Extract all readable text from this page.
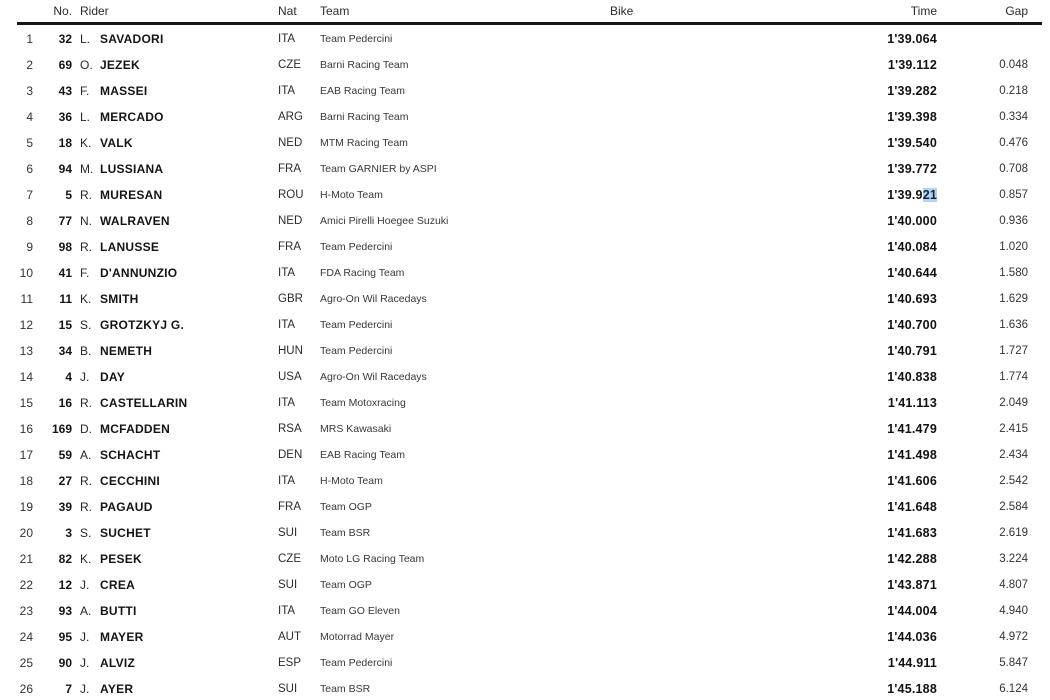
No. Rider	Nat	Team	Bike	Time	Gap
1	32 L. SAVADORI	ITA	Team Pedercini	1'39.064
2	69 O. JEZEK	CZE	Barni Racing Team	1'39.112	0.048
3	43 F. MASSEI	ITA	EAB Racing Team	1'39.282	0.218
4	36 L. MERCADO	ARG	Barni Racing Team	1'39.398	0.334
5	18 K. VALK	NED	MTM Racing Team	1'39.540	0.476
6	94 M. LUSSIANA	FRA	Team GARNIER by ASPI	1'39.772	0.708
7	5 R. MURESAN	ROU	H-Moto Team	1'39.921	0.857
8	77 N. WALRAVEN	NED	Amici Pirelli Hoegee Suzuki	1'40.000	0.936
9	98 R. LANUSSE	FRA	Team Pedercini	1'40.084	1.020
10	41 F. D'ANNUNZIO	ITA	FDA Racing Team	1'40.644	1.580
11	11 K. SMITH	GBR	Agro-On Wil Racedays	1'40.693	1.629
12	15 S. GROTZKYJ G.	ITA	Team Pedercini	1'40.700	1.636
13	34 B. NEMETH	HUN	Team Pedercini	1'40.791	1.727
14	4 J. DAY	USA	Agro-On Wil Racedays	1'40.838	1.774
15	16 R. CASTELLARIN	ITA	Team Motoxracing	1'41.113	2.049
16	169 D. MCFADDEN	RSA	MRS Kawasaki	1'41.479	2.415
17	59 A. SCHACHT	DEN	EAB Racing Team	1'41.498	2.434
18	27 R. CECCHINI	ITA	H-Moto Team	1'41.606	2.542
19	39 R. PAGAUD	FRA	Team OGP	1'41.648	2.584
20	3 S. SUCHET	SUI	Team BSR	1'41.683	2.619
21	82 K. PESEK	CZE	Moto LG Racing Team	1'42.288	3.224
22	12 J. CREA	SUI	Team OGP	1'43.871	4.807
23	93 A. BUTTI	ITA	Team GO Eleven	1'44.004	4.940
24	95 J. MAYER	AUT	Motorrad Mayer	1'44.036	4.972
25	90 J. ALVIZ	ESP	Team Pedercini	1'44.911	5.847
26	7 J. AYER	SUI	Team BSR	1'45.188	6.124
